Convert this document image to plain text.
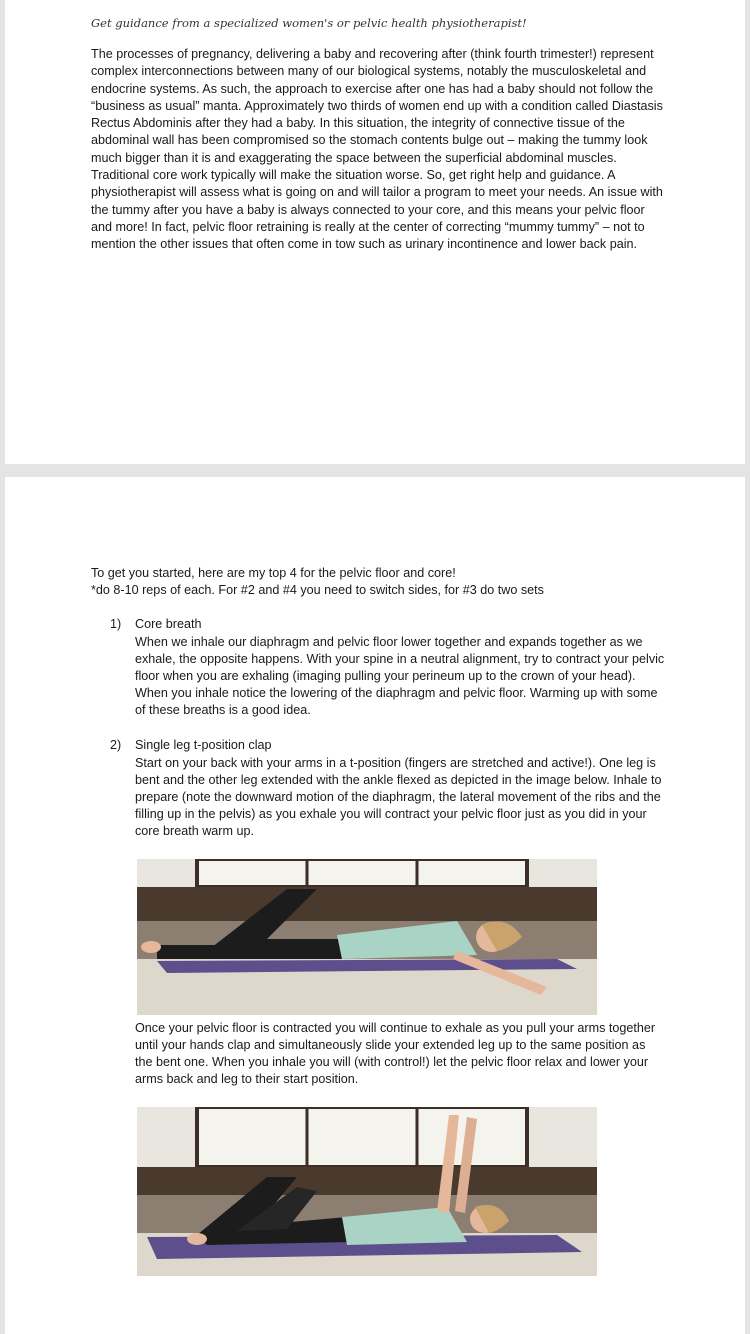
Get guidance from a specialized women's or pelvic health physiotherapist!

The processes of pregnancy, delivering a baby and recovering after (think fourth trimester!) represent complex interconnections between many of our biological systems, notably the musculoskeletal and endocrine systems. As such, the approach to exercise after one has had a baby should not follow the “business as usual” manta. Approximately two thirds of women end up with a condition called Diastasis Rectus Abdominis after they had a baby. In this situation, the integrity of connective tissue of the abdominal wall has been compromised so the stomach contents bulge out – making the tummy look much bigger than it is and exaggerating the space between the superficial abdominal muscles. Traditional core work typically will make the situation worse. So, get right help and guidance. A physiotherapist will assess what is going on and will tailor a program to meet your needs. An issue with the tummy after you have a baby is always connected to your core, and this means your pelvic floor and more! In fact, pelvic floor retraining is really at the center of correcting “mummy tummy” – not to mention the other issues that often come in tow such as urinary incontinence and lower back pain.

To get you started, here are my top 4 for the pelvic floor and core!
*do 8-10 reps of each. For #2 and #4 you need to switch sides, for #3 do two sets
1) Core breath

When we inhale our diaphragm and pelvic floor lower together and expands together as we exhale, the opposite happens. With your spine in a neutral alignment, try to contract your pelvic floor when you are exhaling (imaging pulling your perineum up to the crown of your head). When you inhale notice the lowering of the diaphragm and pelvic floor. Warming up with some of these breaths is a good idea.

2) Single leg t-position clap

Start on your back with your arms in a t-position (fingers are stretched and active!). One leg is bent and the other leg extended with the ankle flexed as depicted in the image below. Inhale to prepare (note the downward motion of the diaphragm, the lateral movement of the ribs and the filling up in the pelvis) as you exhale you will contract your pelvic floor just as you did in your core breath warm up.

Once your pelvic floor is contracted you will continue to exhale as you pull your arms together until your hands clap and simultaneously slide your extended leg up to the same position as the bent one. When you inhale you will (with control!) let the pelvic floor relax and lower your arms back and leg to their start position.
